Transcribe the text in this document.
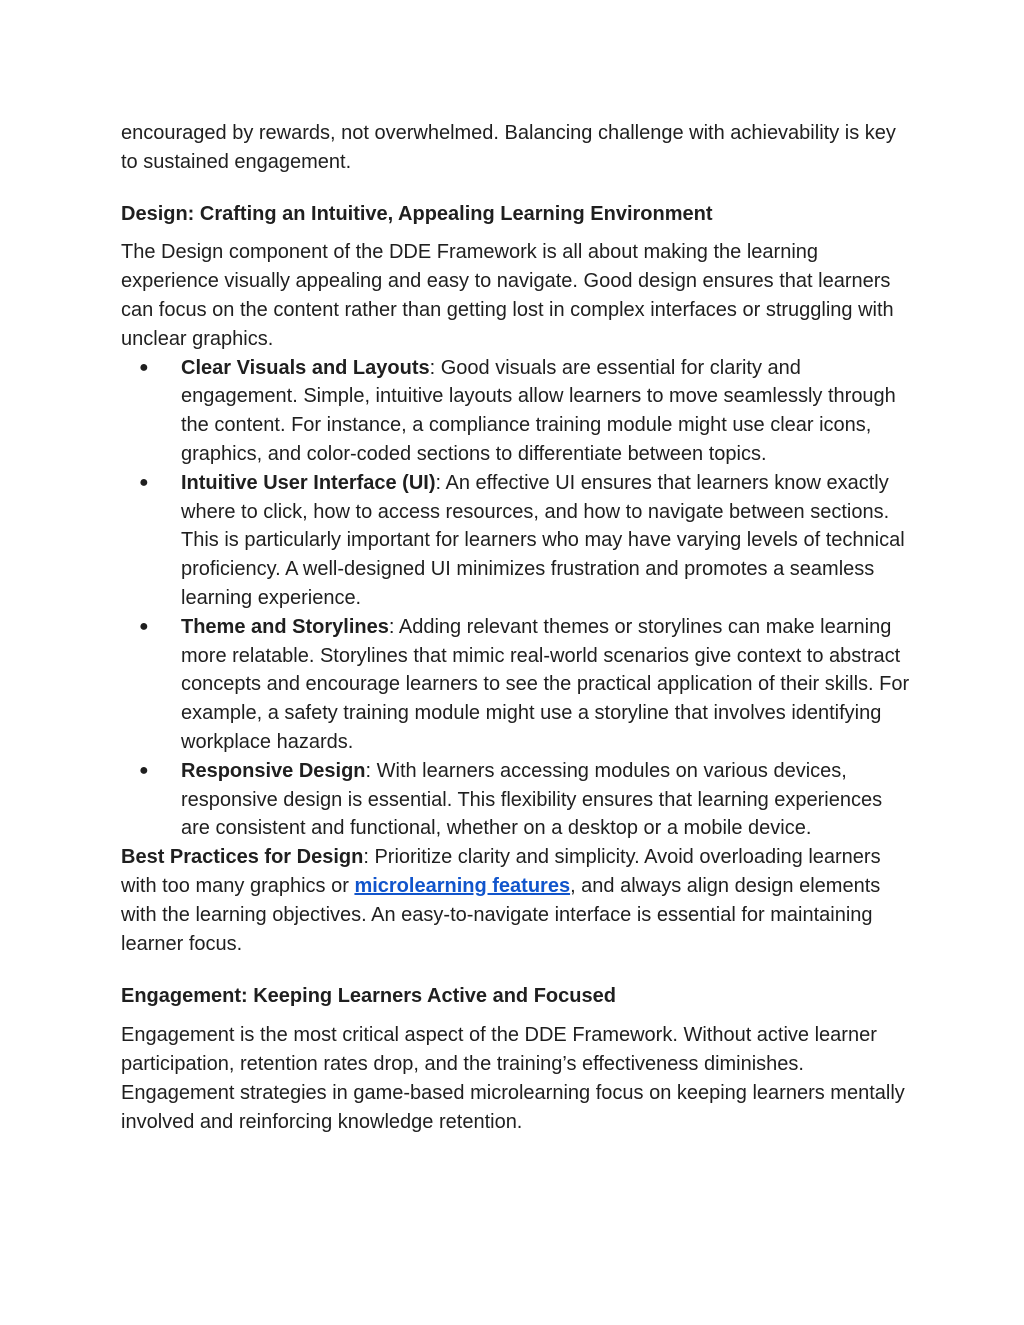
encouraged by rewards, not overwhelmed. Balancing challenge with achievability is key to sustained engagement.

Design: Crafting an Intuitive, Appealing Learning Environment

The Design component of the DDE Framework is all about making the learning experience visually appealing and easy to navigate. Good design ensures that learners can focus on the content rather than getting lost in complex interfaces or struggling with unclear graphics.

● Clear Visuals and Layouts: Good visuals are essential for clarity and engagement. Simple, intuitive layouts allow learners to move seamlessly through the content. For instance, a compliance training module might use clear icons, graphics, and color-coded sections to differentiate between topics.
● Intuitive User Interface (UI): An effective UI ensures that learners know exactly where to click, how to access resources, and how to navigate between sections. This is particularly important for learners who may have varying levels of technical proficiency. A well-designed UI minimizes frustration and promotes a seamless learning experience.
● Theme and Storylines: Adding relevant themes or storylines can make learning more relatable. Storylines that mimic real-world scenarios give context to abstract concepts and encourage learners to see the practical application of their skills. For example, a safety training module might use a storyline that involves identifying workplace hazards.
● Responsive Design: With learners accessing modules on various devices, responsive design is essential. This flexibility ensures that learning experiences are consistent and functional, whether on a desktop or a mobile device.

Best Practices for Design: Prioritize clarity and simplicity. Avoid overloading learners with too many graphics or microlearning features, and always align design elements with the learning objectives. An easy-to-navigate interface is essential for maintaining learner focus.

Engagement: Keeping Learners Active and Focused

Engagement is the most critical aspect of the DDE Framework. Without active learner participation, retention rates drop, and the training’s effectiveness diminishes. Engagement strategies in game-based microlearning focus on keeping learners mentally involved and reinforcing knowledge retention.
